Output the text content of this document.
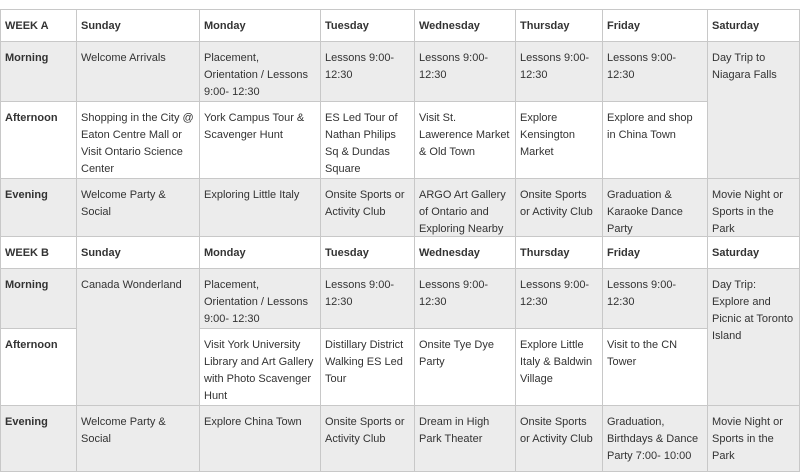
WEEK A	Sunday	Monday	Tuesday	Wednesday	Thursday	Friday	Saturday
Morning	Welcome Arrivals	Placement, Orientation / Lessons 9:00- 12:30	Lessons 9:00- 12:30	Lessons 9:00- 12:30	Lessons 9:00- 12:30	Lessons 9:00- 12:30	Day Trip to Niagara Falls
Afternoon	Shopping in the City @ Eaton Centre Mall or Visit Ontario Science Center	York Campus Tour & Scavenger Hunt	ES Led Tour of Nathan Philips Sq & Dundas Square	Visit St. Lawerence Market & Old Town	Explore Kensington Market	Explore and shop in China Town	
Evening	Welcome Party & Social	Exploring Little Italy	Onsite Sports or Activity Club	ARGO Art Gallery of Ontario and Exploring Nearby	Onsite Sports or Activity Club	Graduation & Karaoke Dance Party	Movie Night or Sports in the Park
WEEK B	Sunday	Monday	Tuesday	Wednesday	Thursday	Friday	Saturday
Morning	Canada Wonderland	Placement, Orientation / Lessons 9:00- 12:30	Lessons 9:00- 12:30	Lessons 9:00- 12:30	Lessons 9:00- 12:30	Lessons 9:00- 12:30	Day Trip: Explore and Picnic at Toronto Island
Afternoon		Visit York University Library and Art Gallery with Photo Scavenger Hunt	Distillary District Walking ES Led Tour	Onsite Tye Dye Party	Explore Little Italy & Baldwin Village	Visit to the CN Tower	
Evening	Welcome Party & Social	Explore China Town	Onsite Sports or Activity Club	Dream in High Park Theater	Onsite Sports or Activity Club	Graduation, Birthdays & Dance Party 7:00- 10:00	Movie Night or Sports in the Park
